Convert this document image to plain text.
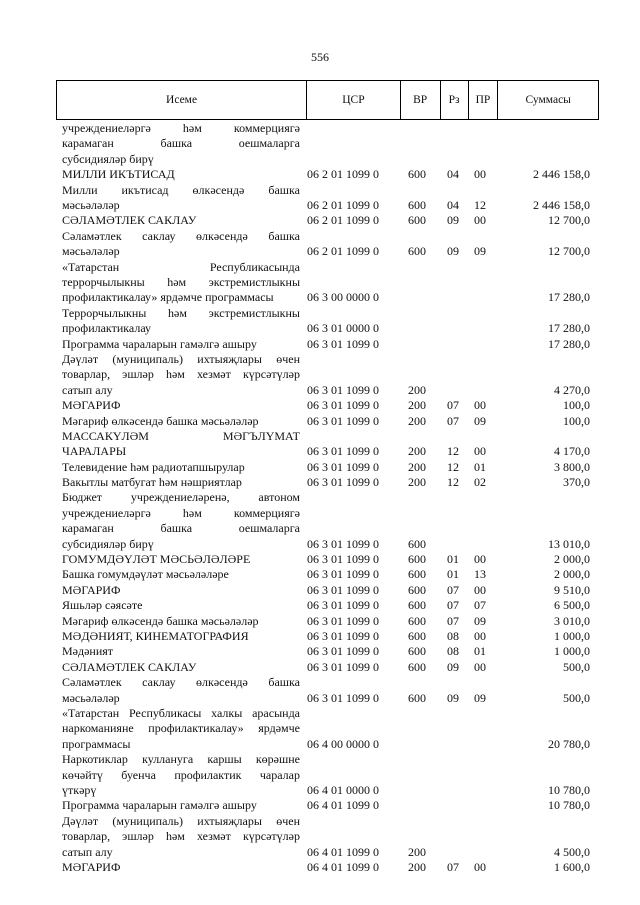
556
Исеме	ЦСР	ВР	Рз	ПР	Суммасы
учреждениеләргә һәм коммерциягә
карамаган башка оешмаларга
субсидияләр бирү
МИЛЛИ ИКЪТИСАД	06 2 01 1099 0 600 04 00	2 446 158,0
Милли икътисад өлкәсендә башка
мәсьәләләр	06 2 01 1099 0 600 04 12	2 446 158,0
СӘЛАМӘТЛЕК САКЛАУ	06 2 01 1099 0 600 09 00	12 700,0
Сәламәтлек саклау өлкәсендә башка
мәсьәләләр	06 2 01 1099 0 600 09 09	12 700,0
«Татарстан Республикасында
террорчылыкны һәм экстремистлыкны
профилактикалау» ярдәмче программасы	06 3 00 0000 0	17 280,0
Террорчылыкны һәм экстремистлыкны
профилактикалау	06 3 01 0000 0	17 280,0
Программа чараларын гамәлгә ашыру	06 3 01 1099 0	17 280,0
Дәүләт (муниципаль) ихтыяҗлары өчен
товарлар, эшләр һәм хезмәт күрсәтүләр
сатып алу	06 3 01 1099 0 200	4 270,0
МӘГАРИФ	06 3 01 1099 0 200 07 00	100,0
Мәгариф өлкәсендә башка мәсьәләләр	06 3 01 1099 0 200 07 09	100,0
МАССАКҮЛӘМ МӘГЪЛҮМАТ
ЧАРАЛАРЫ	06 3 01 1099 0 200 12 00	4 170,0
Телевидение һәм радиотапшырулар	06 3 01 1099 0 200 12 01	3 800,0
Вакытлы матбугат һәм нәшриятлар	06 3 01 1099 0 200 12 02	370,0
Бюджет учреждениеләренә, автоном
учреждениеләргә һәм коммерциягә
карамаган башка оешмаларга
субсидияләр бирү	06 3 01 1099 0 600	13 010,0
ГОМУМДӘҮЛӘТ МӘСЬӘЛӘЛӘРЕ	06 3 01 1099 0 600 01 00	2 000,0
Башка гомумдәүләт мәсьәләләре	06 3 01 1099 0 600 01 13	2 000,0
МӘГАРИФ	06 3 01 1099 0 600 07 00	9 510,0
Яшьләр сәясәте	06 3 01 1099 0 600 07 07	6 500,0
Мәгариф өлкәсендә башка мәсьәләләр	06 3 01 1099 0 600 07 09	3 010,0
МӘДӘНИЯТ, КИНЕМАТОГРАФИЯ	06 3 01 1099 0 600 08 00	1 000,0
Мәдәният	06 3 01 1099 0 600 08 01	1 000,0
СӘЛАМӘТЛЕК САКЛАУ	06 3 01 1099 0 600 09 00	500,0
Сәламәтлек саклау өлкәсендә башка
мәсьәләләр	06 3 01 1099 0 600 09 09	500,0
«Татарстан Республикасы халкы арасында
наркоманияне профилактикалау» ярдәмче
программасы	06 4 00 0000 0	20 780,0
Наркотиклар куллануга каршы көрәшне
көчәйтү буенча профилактик чаралар
үткәрү	06 4 01 0000 0	10 780,0
Программа чараларын гамәлгә ашыру	06 4 01 1099 0	10 780,0
Дәүләт (муниципаль) ихтыяҗлары өчен
товарлар, эшләр һәм хезмәт күрсәтүләр
сатып алу	06 4 01 1099 0 200	4 500,0
МӘГАРИФ	06 4 01 1099 0 200 07 00	1 600,0
